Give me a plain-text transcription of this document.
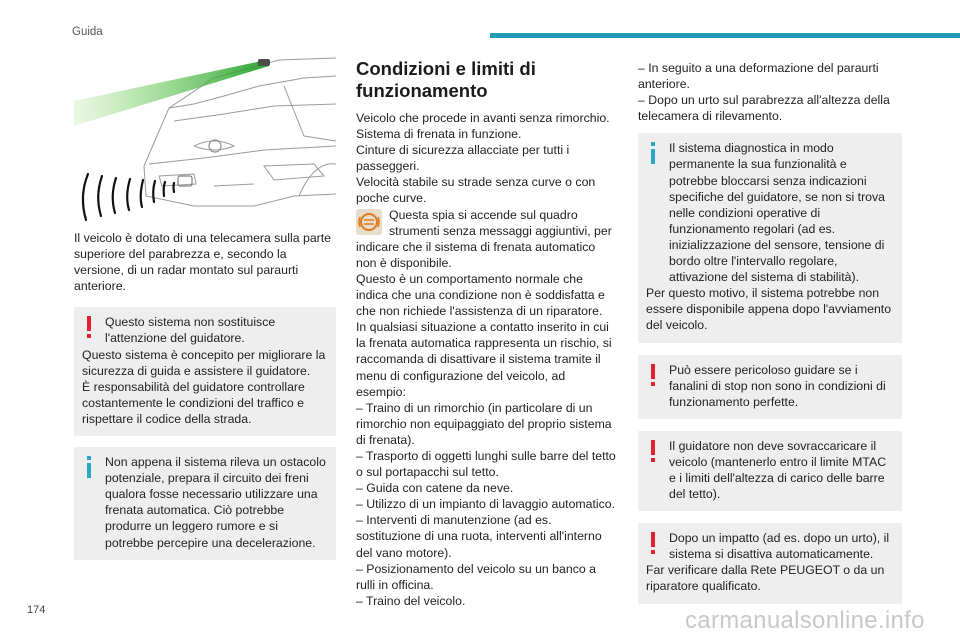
Guida

Il veicolo è dotato di una telecamera sulla parte superiore del parabrezza e, secondo la versione, di un radar montato sul paraurti anteriore.

Questo sistema non sostituisce l'attenzione del guidatore.

Questo sistema è concepito per migliorare la sicurezza di guida e assistere il guidatore.

È responsabilità del guidatore controllare costantemente le condizioni del traffico e rispettare il codice della strada.

Non appena il sistema rileva un ostacolo potenziale, prepara il circuito dei freni qualora fosse necessario utilizzare una frenata automatica. Ciò potrebbe produrre un leggero rumore e si potrebbe percepire una decelerazione.

Condizioni e limiti di funzionamento

Veicolo che procede in avanti senza rimorchio.

Sistema di frenata in funzione.

Cinture di sicurezza allacciate per tutti i passeggeri.

Velocità stabile su strade senza curve o con poche curve.

Questa spia si accende sul quadro strumenti senza messaggi aggiuntivi, per indicare che il sistema di frenata automatico non è disponibile.

Questo è un comportamento normale che indica che una condizione non è soddisfatta e che non richiede l'assistenza di un riparatore.

In qualsiasi situazione a contatto inserito in cui la frenata automatica rappresenta un rischio, si raccomanda di disattivare il sistema tramite il menu di configurazione del veicolo, ad esempio:

– Traino di un rimorchio (in particolare di un rimorchio non equipaggiato del proprio sistema di frenata).

– Trasporto di oggetti lunghi sulle barre del tetto o sul portapacchi sul tetto.

– Guida con catene da neve.

– Utilizzo di un impianto di lavaggio automatico.

– Interventi di manutenzione (ad es. sostituzione di una ruota, interventi all'interno del vano motore).

– Posizionamento del veicolo su un banco a rulli in officina.

– Traino del veicolo.

– In seguito a una deformazione del paraurti anteriore.

– Dopo un urto sul parabrezza all'altezza della telecamera di rilevamento.

Il sistema diagnostica in modo permanente la sua funzionalità e potrebbe bloccarsi senza indicazioni specifiche del guidatore, se non si trova nelle condizioni operative di funzionamento regolari (ad es. inizializzazione del sensore, tensione di bordo oltre l'intervallo regolare, attivazione del sistema di stabilità).

Per questo motivo, il sistema potrebbe non essere disponibile appena dopo l'avviamento del veicolo.

Può essere pericoloso guidare se i fanalini di stop non sono in condizioni di funzionamento perfette.

Il guidatore non deve sovraccaricare il veicolo (mantenerlo entro il limite MTAC e i limiti dell'altezza di carico delle barre del tetto).

Dopo un impatto (ad es. dopo un urto), il sistema si disattiva automaticamente.

Far verificare dalla Rete PEUGEOT o da un riparatore qualificato.

174	carmanualsonline.info
